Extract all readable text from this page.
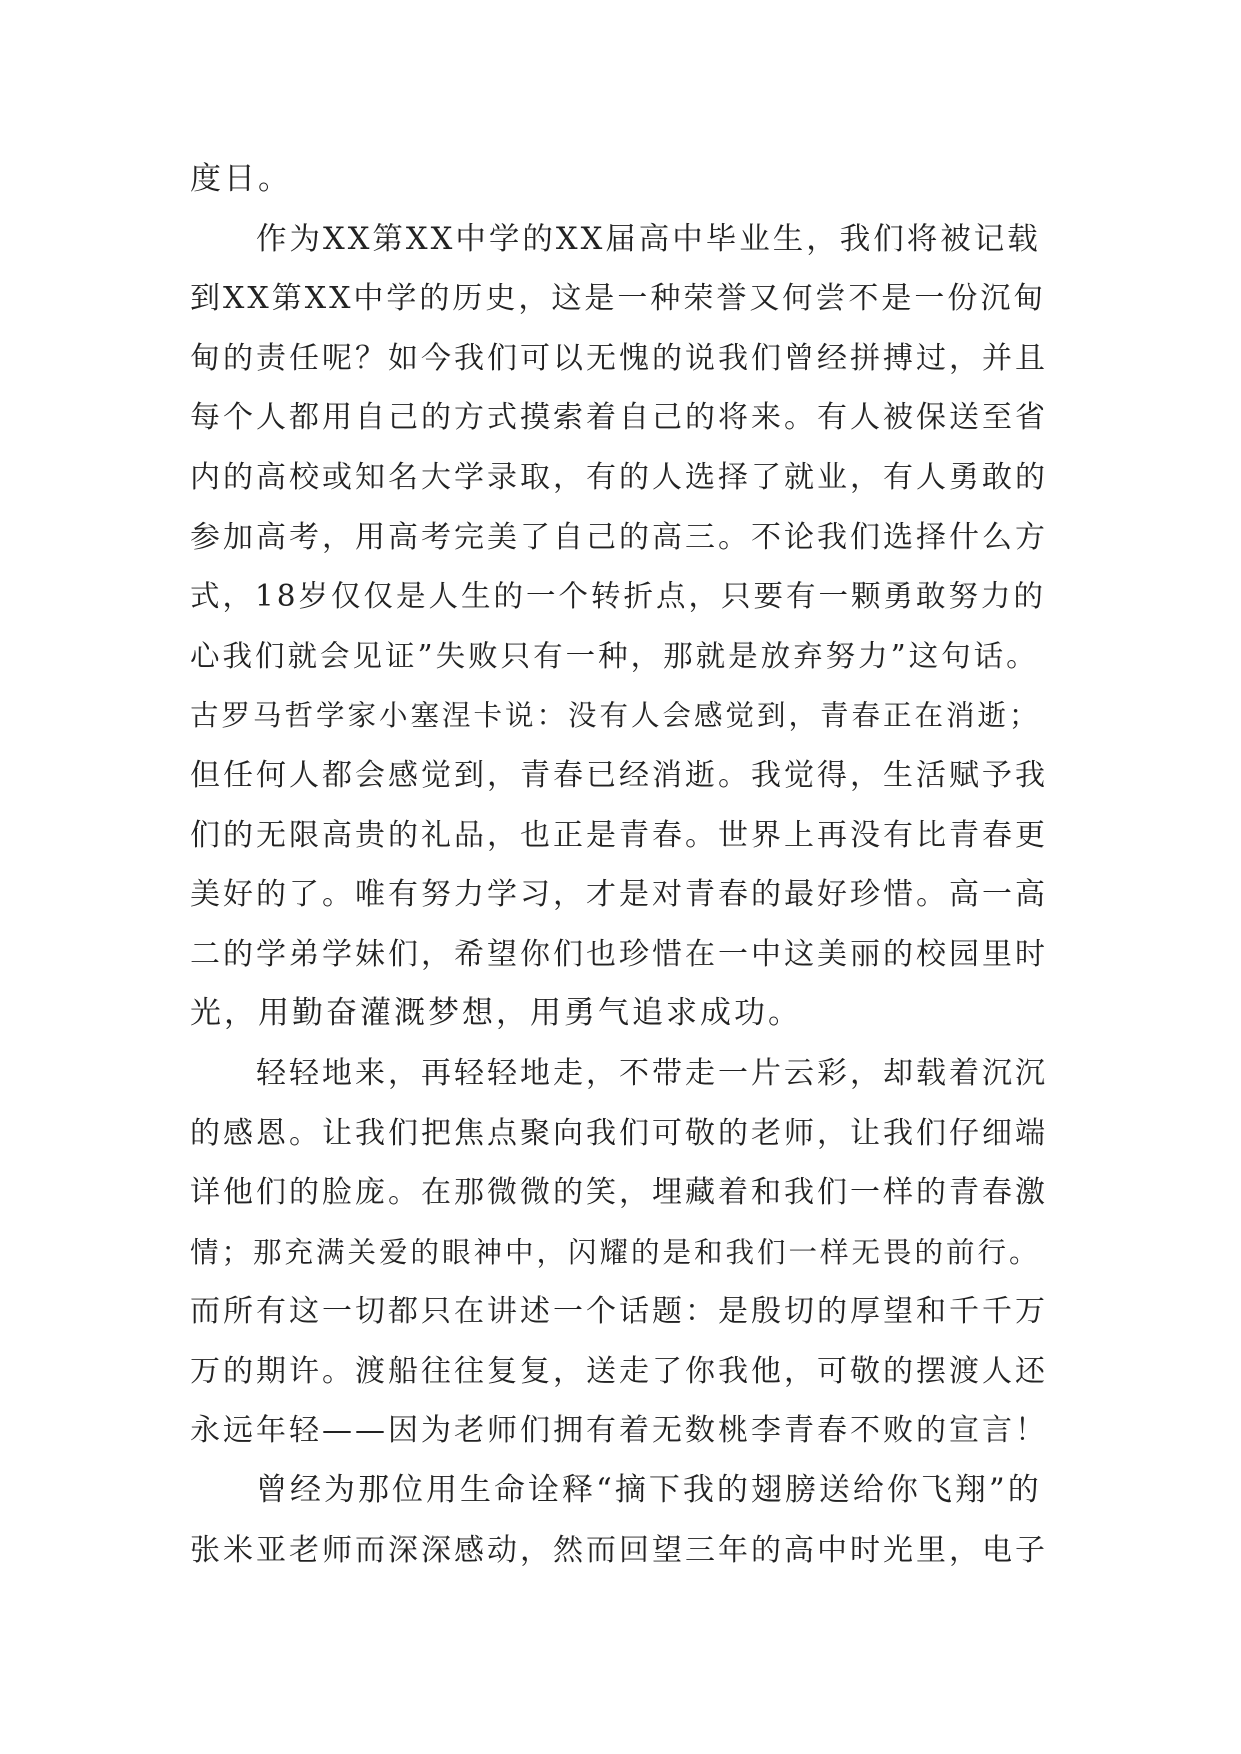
度日。
作为XX第XX中学的XX届高中毕业生，我们将被记载
到XX第XX中学的历史，这是一种荣誉又何尝不是一份沉甸
甸的责任呢？如今我们可以无愧的说我们曾经拼搏过，并且
每个人都用自己的方式摸索着自己的将来。有人被保送至省
内的高校或知名大学录取，有的人选择了就业，有人勇敢的
参加高考，用高考完美了自己的高三。不论我们选择什么方
式，18岁仅仅是人生的一个转折点，只要有一颗勇敢努力的
心我们就会见证”失败只有一种，那就是放弃努力”这句话。
古罗马哲学家小塞涅卡说：没有人会感觉到，青春正在消逝；
但任何人都会感觉到，青春已经消逝。我觉得，生活赋予我
们的无限高贵的礼品，也正是青春。世界上再没有比青春更
美好的了。唯有努力学习，才是对青春的最好珍惜。高一高
二的学弟学妹们，希望你们也珍惜在一中这美丽的校园里时
光，用勤奋灌溉梦想，用勇气追求成功。
轻轻地来，再轻轻地走，不带走一片云彩，却载着沉沉
的感恩。让我们把焦点聚向我们可敬的老师，让我们仔细端
详他们的脸庞。在那微微的笑，埋藏着和我们一样的青春激
情；那充满关爱的眼神中，闪耀的是和我们一样无畏的前行。
而所有这一切都只在讲述一个话题：是殷切的厚望和千千万
万的期许。渡船往往复复，送走了你我他，可敬的摆渡人还
永远年轻——因为老师们拥有着无数桃李青春不败的宣言！
曾经为那位用生命诠释“摘下我的翅膀送给你飞翔”的
张米亚老师而深深感动，然而回望三年的高中时光里，电子
